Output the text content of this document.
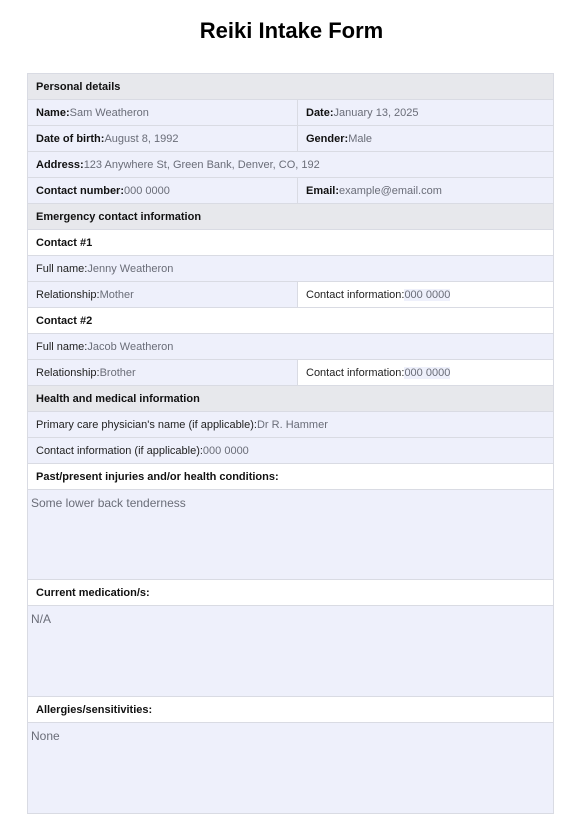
Reiki Intake Form
Personal details
Name: Sam Weatheron	Date: January 13, 2025
Date of birth: August 8, 1992	Gender: Male
Address: 123 Anywhere St, Green Bank, Denver, CO, 192
Contact number: 000 0000	Email: example@email.com
Emergency contact information
Contact #1
Full name: Jenny Weatheron
Relationship: Mother	Contact information: 000 0000
Contact #2
Full name: Jacob Weatheron
Relationship: Brother	Contact information: 000 0000
Health and medical information
Primary care physician's name (if applicable): Dr R. Hammer
Contact information (if applicable): 000 0000
Past/present injuries and/or health conditions:
Some lower back tenderness
Current medication/s:
N/A
Allergies/sensitivities:
None
